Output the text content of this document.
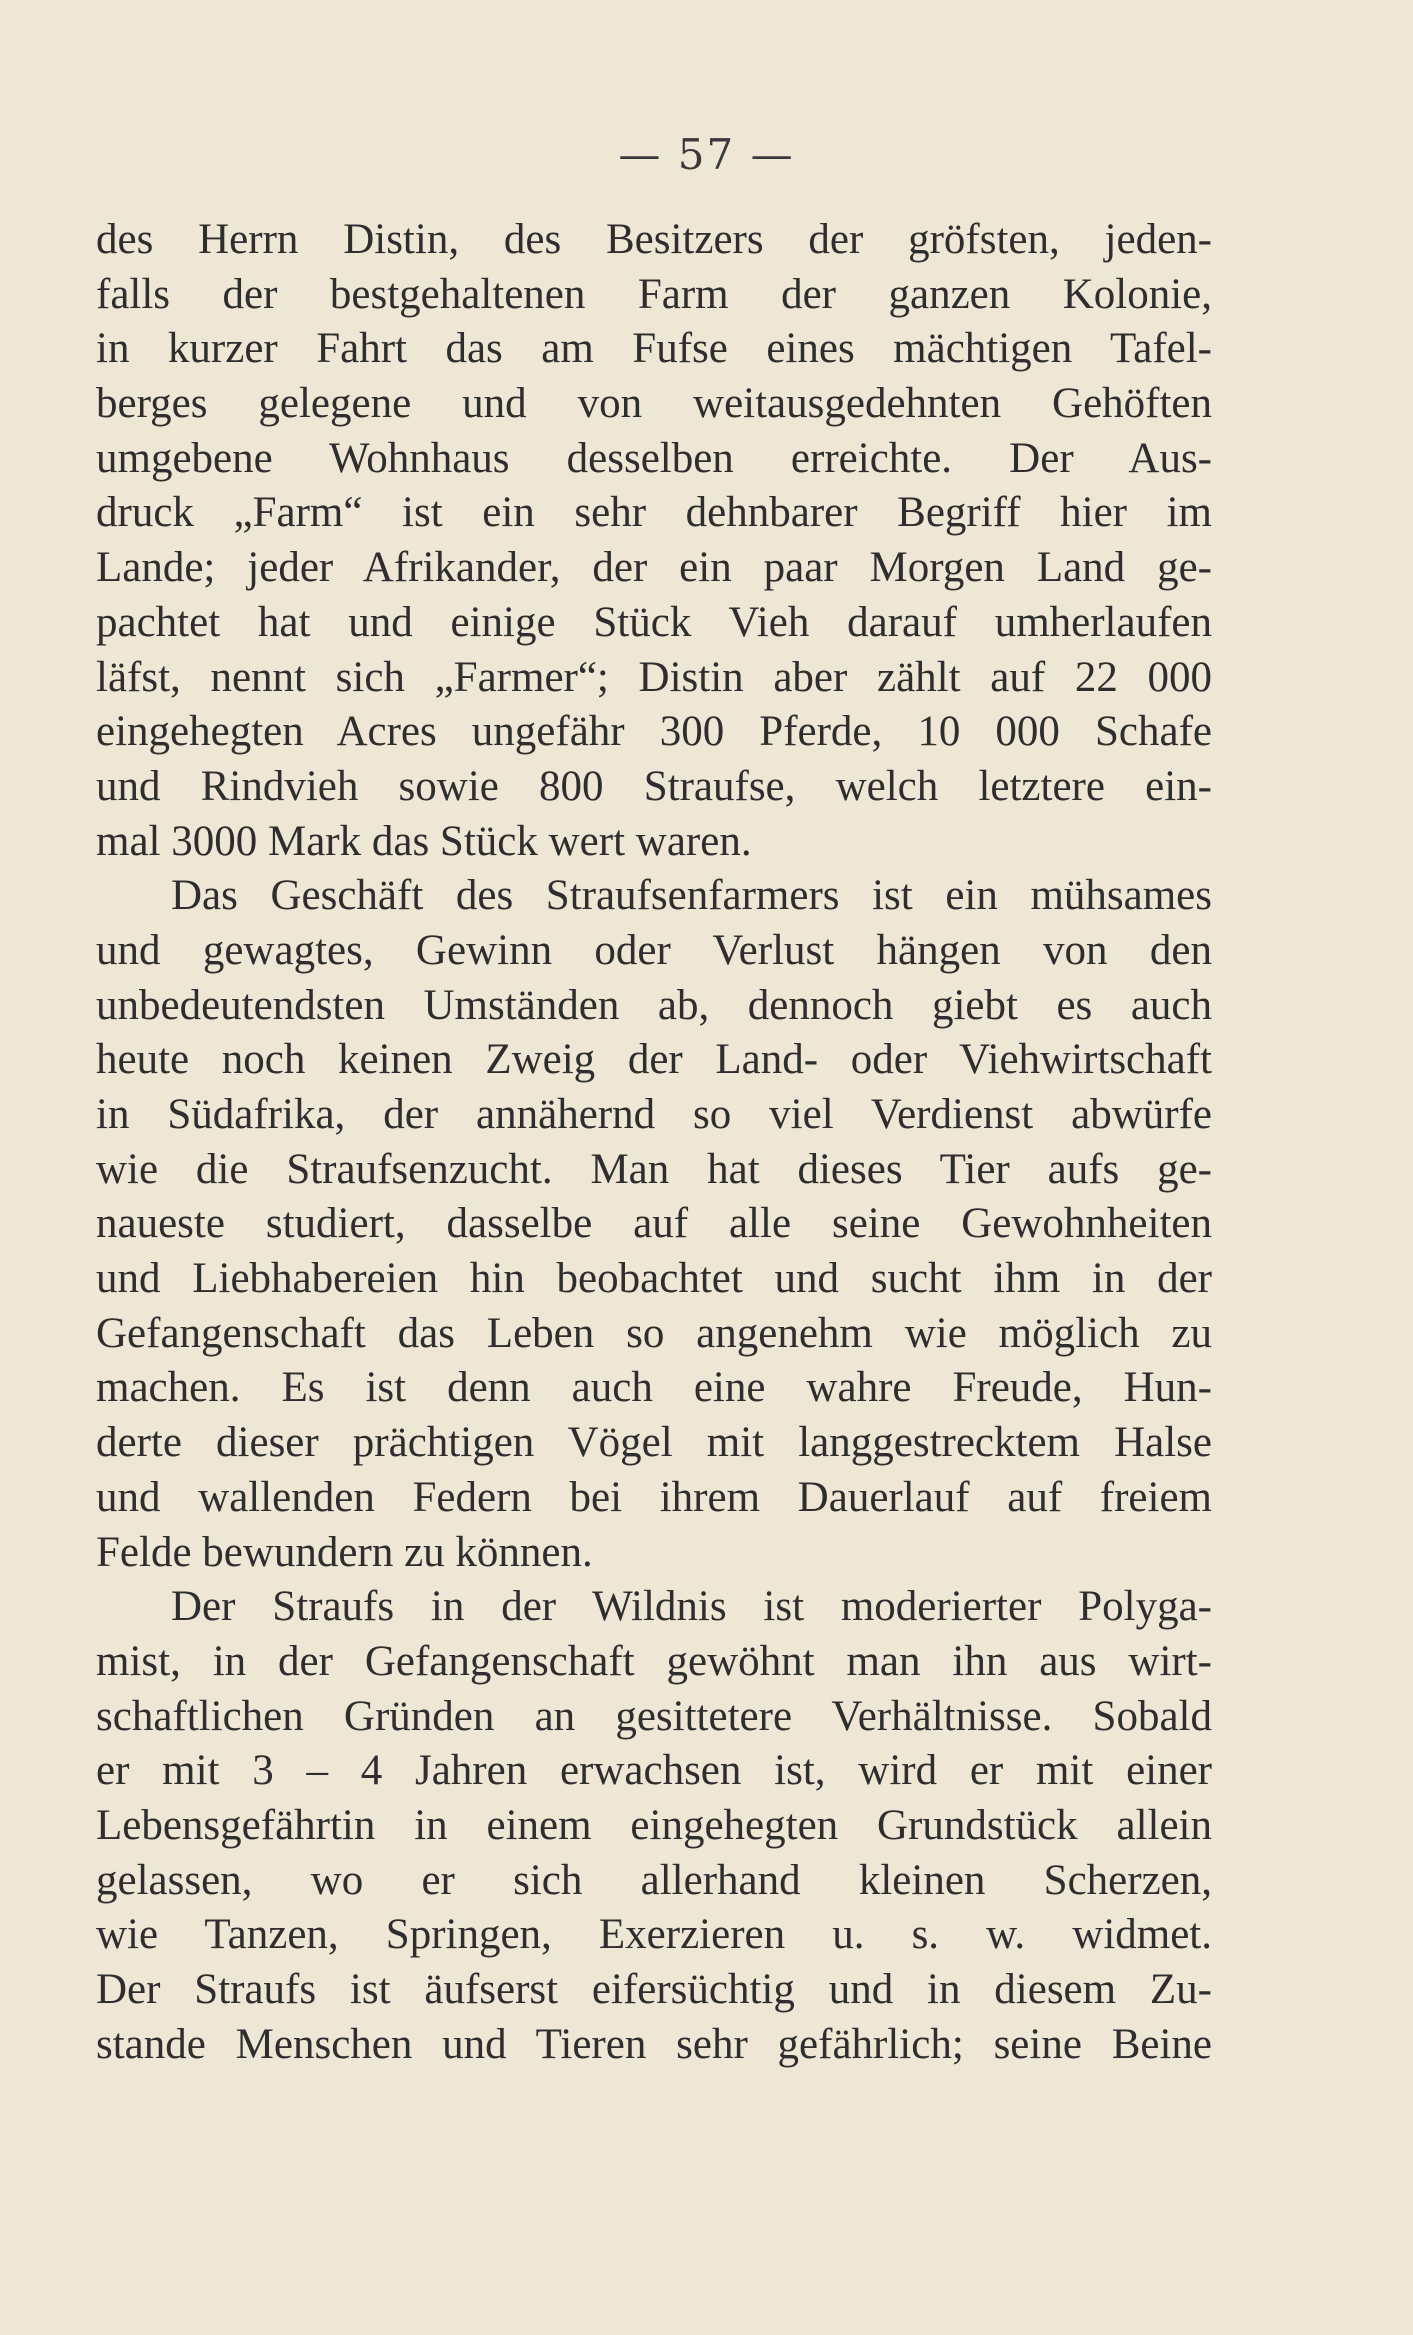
— 57 —
des Herrn Distin, des Besitzers der gröfsten, jeden-
falls der bestgehaltenen Farm der ganzen Kolonie,
in kurzer Fahrt das am Fufse eines mächtigen Tafel-
berges gelegene und von weitausgedehnten Gehöften
umgebene Wohnhaus desselben erreichte. Der Aus-
druck „Farm“ ist ein sehr dehnbarer Begriff hier im
Lande; jeder Afrikander, der ein paar Morgen Land ge-
pachtet hat und einige Stück Vieh darauf umherlaufen
läfst, nennt sich „Farmer“; Distin aber zählt auf 22 000
eingehegten Acres ungefähr 300 Pferde, 10 000 Schafe
und Rindvieh sowie 800 Straufse, welch letztere ein-
mal 3000 Mark das Stück wert waren.
Das Geschäft des Straufsenfarmers ist ein mühsames
und gewagtes, Gewinn oder Verlust hängen von den
unbedeutendsten Umständen ab, dennoch giebt es auch
heute noch keinen Zweig der Land- oder Viehwirtschaft
in Südafrika, der annähernd so viel Verdienst abwürfe
wie die Straufsenzucht. Man hat dieses Tier aufs ge-
naueste studiert, dasselbe auf alle seine Gewohnheiten
und Liebhabereien hin beobachtet und sucht ihm in der
Gefangenschaft das Leben so angenehm wie möglich zu
machen. Es ist denn auch eine wahre Freude, Hun-
derte dieser prächtigen Vögel mit langgestrecktem Halse
und wallenden Federn bei ihrem Dauerlauf auf freiem
Felde bewundern zu können.
Der Straufs in der Wildnis ist moderierter Polyga-
mist, in der Gefangenschaft gewöhnt man ihn aus wirt-
schaftlichen Gründen an gesittetere Verhältnisse. Sobald
er mit 3 – 4 Jahren erwachsen ist, wird er mit einer
Lebensgefährtin in einem eingehegten Grundstück allein
gelassen, wo er sich allerhand kleinen Scherzen,
wie Tanzen, Springen, Exerzieren u. s. w. widmet.
Der Straufs ist äufserst eifersüchtig und in diesem Zu-
stande Menschen und Tieren sehr gefährlich; seine Beine
